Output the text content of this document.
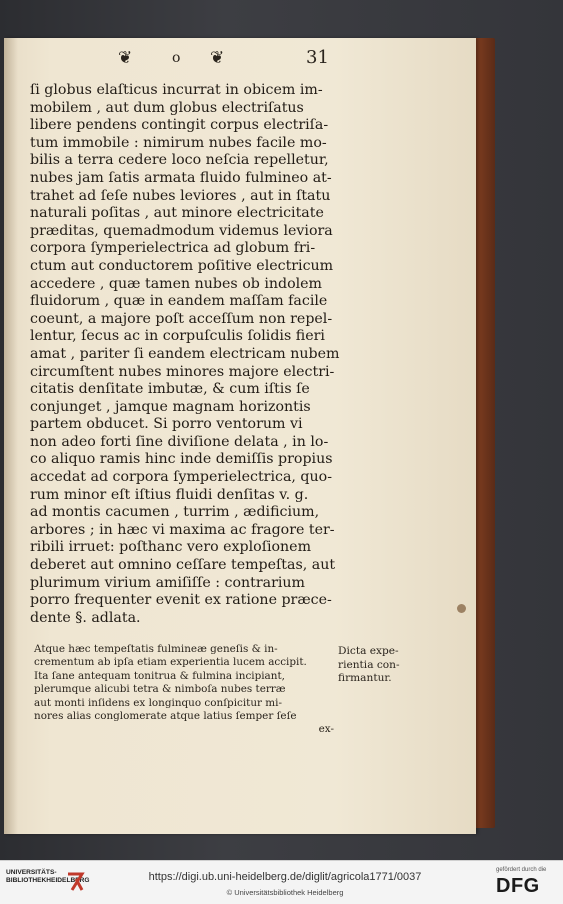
❦	o ❦	31
ſi globus elaſticus incurrat in obicem im-
mobilem , aut dum globus electriſatus
libere pendens contingit corpus electriſa-
tum immobile : nimirum nubes facile mo-
bilis a terra cedere loco neſcia repelletur,
nubes jam ſatis armata fluido fulmineo at-
trahet ad ſeſe nubes leviores , aut in ſtatu
naturali poſitas , aut minore electricitate
præditas, quemadmodum videmus leviora
corpora ſymperielectrica ad globum fri-
ctum aut conductorem poſitive electricum
accedere , quæ tamen nubes ob indolem
fluidorum , quæ in eandem maſſam facile
coeunt, a majore poſt acceſſum non repel-
lentur, ſecus ac in corpuſculis ſolidis fieri
amat , pariter ſi eandem electricam nubem
circumſtent nubes minores majore electri-
citatis denſitate imbutæ, & cum iſtis ſe
conjunget , jamque magnam horizontis
partem obducet. Si porro ventorum vi
non adeo forti ſine diviſione delata , in lo-
co aliquo ramis hinc inde demiſſis propius
accedat ad corpora ſymperielectrica, quo-
rum minor eſt iſtius fluidi denſitas v. g.
ad montis cacumen , turrim , ædificium,
arbores ; in hæc vi maxima ac fragore ter-
ribili irruet: poſthanc vero exploſionem
deberet aut omnino ceſſare tempeſtas, aut
plurimum virium amiſiſſe : contrarium
porro frequenter evenit ex ratione præce-
dente §. adlata.
Atque hæc tempeſtatis fulmineæ geneſis & in-
crementum ab ipſa etiam experientia lucem accipit.
Ita ſane antequam tonitrua & fulmina incipiant,
plerumque alicubi tetra & nimboſa nubes terræ
aut monti inſidens ex longinquo conſpicitur mi-
nores alias conglomerate atque latius ſemper ſeſe
ex-
Dicta expe-
rientia con-
firmantur.
UNIVERSITÄTS-BIBLIOTHEKHEIDELBERG	https://digi.ub.uni-heidelberg.de/diglit/agricola1771/0037
© Universitätsbibliothek Heidelberg
gefördert durch die
DFG
